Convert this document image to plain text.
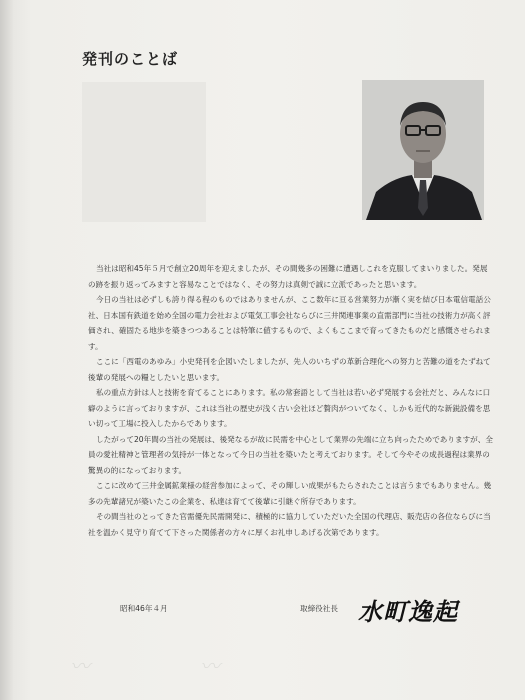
発刊のことば

当社は昭和45年５月で創立20周年を迎えましたが、その間幾多の困難に遭遇しこれを克服してまいりました。発展の跡を振り返ってみますと容易なことではなく、その努力は真剣で誠に立派であったと思います。

今日の当社は必ずしも誇り得る程のものではありませんが、ここ数年に亘る営業努力が漸く実を結び日本電信電話公社、日本国有鉄道を始め全国の電力会社および電気工事会社ならびに三井関連事業の直需部門に当社の技術力が高く評価され、確固たる地歩を築きつつあることは特筆に値するもので、よくもここまで育ってきたものだと感慨させられます。

ここに「西電のあゆみ」小史発刊を企図いたしましたが、先人のいちずの革新合理化への努力と苦難の道をたずねて後輩の発展への糧としたいと思います。

私の重点方針は人と技術を育てることにあります。私の常套語として当社は若い必ず発展する会社だと、みんなに口癖のように言っておりますが、これは当社の歴史が浅く古い会社ほど贅肉がついてなく、しかも近代的な新鋭設備を思い切って工場に投入したからであります。

したがって20年間の当社の発展は、後発なるが故に民需を中心として業界の先端に立ち向ったためでありますが、全員の愛社精神と管理者の気持が一体となって今日の当社を築いたと考えております。そして今やその成長過程は業界の驚異の的になっております。

ここに改めて三井金属鉱業様の経営参加によって、その輝しい成果がもたらされたことは言うまでもありません。幾多の先輩諸兄が築いたこの企業を、私達は育てて後輩に引継ぐ所存であります。

その間当社のとってきた官需優先民需開発に、積極的に協力していただいた全国の代理店、販売店の各位ならびに当社を温かく見守り育てて下さった関係者の方々に厚くお礼申しあげる次第であります。

昭和46年４月	取締役社長 水町逸起
〰	〰
